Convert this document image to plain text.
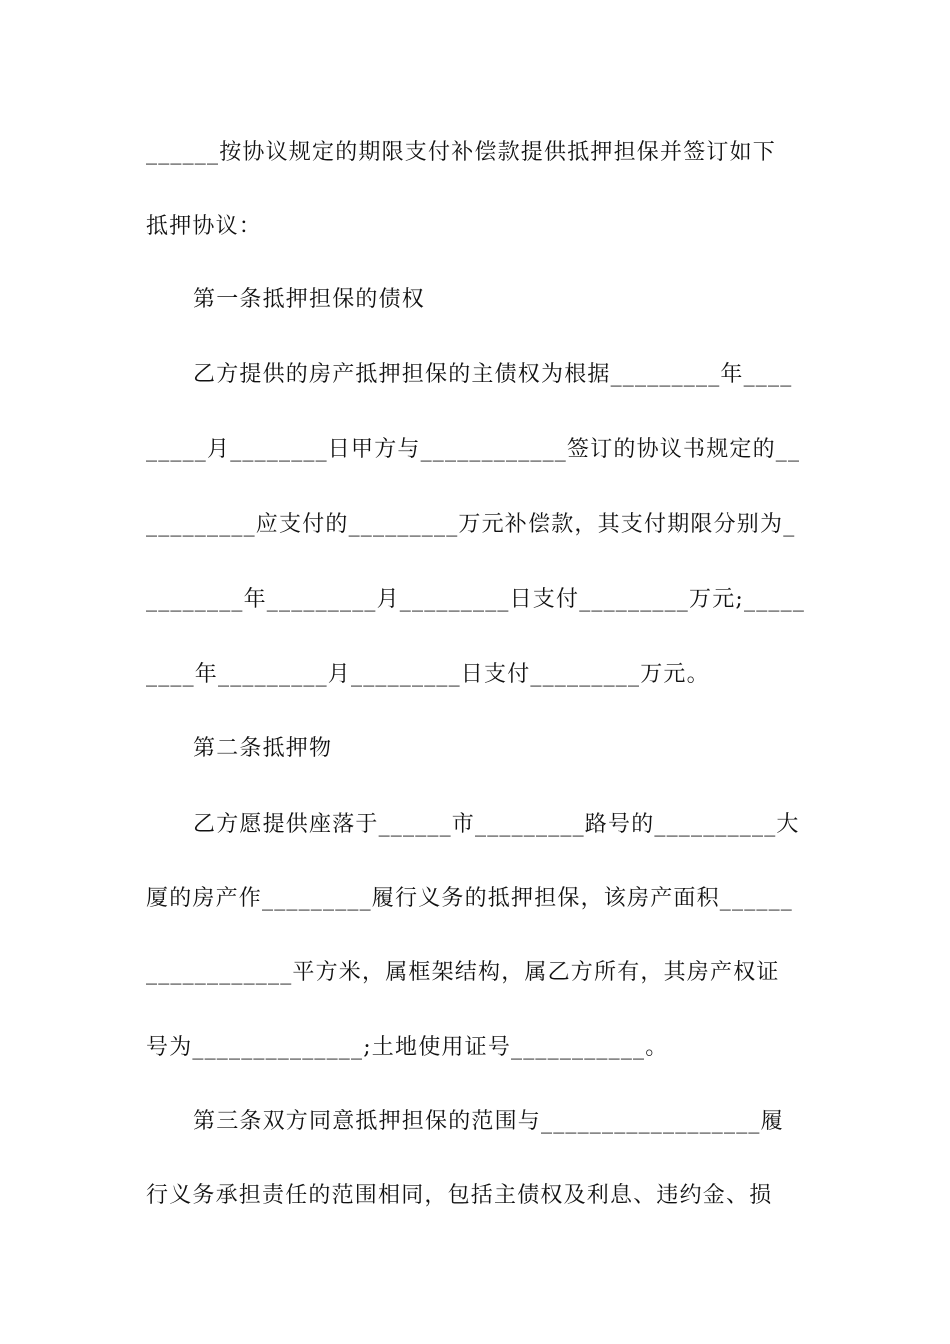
______按协议规定的期限支付补偿款提供抵押担保并签订如下
抵押协议：
第一条抵押担保的债权
乙方提供的房产抵押担保的主债权为根据_________年____
_____月________日甲方与____________签订的协议书规定的__
_________应支付的_________万元补偿款，其支付期限分别为_
________年_________月_________日支付_________万元;_____
____年_________月_________日支付_________万元。
第二条抵押物
乙方愿提供座落于______市_________路号的__________大
厦的房产作_________履行义务的抵押担保，该房产面积______
____________平方米，属框架结构，属乙方所有，其房产权证
号为______________;土地使用证号___________。
第三条双方同意抵押担保的范围与__________________履
行义务承担责任的范围相同，包括主债权及利息、违约金、损
